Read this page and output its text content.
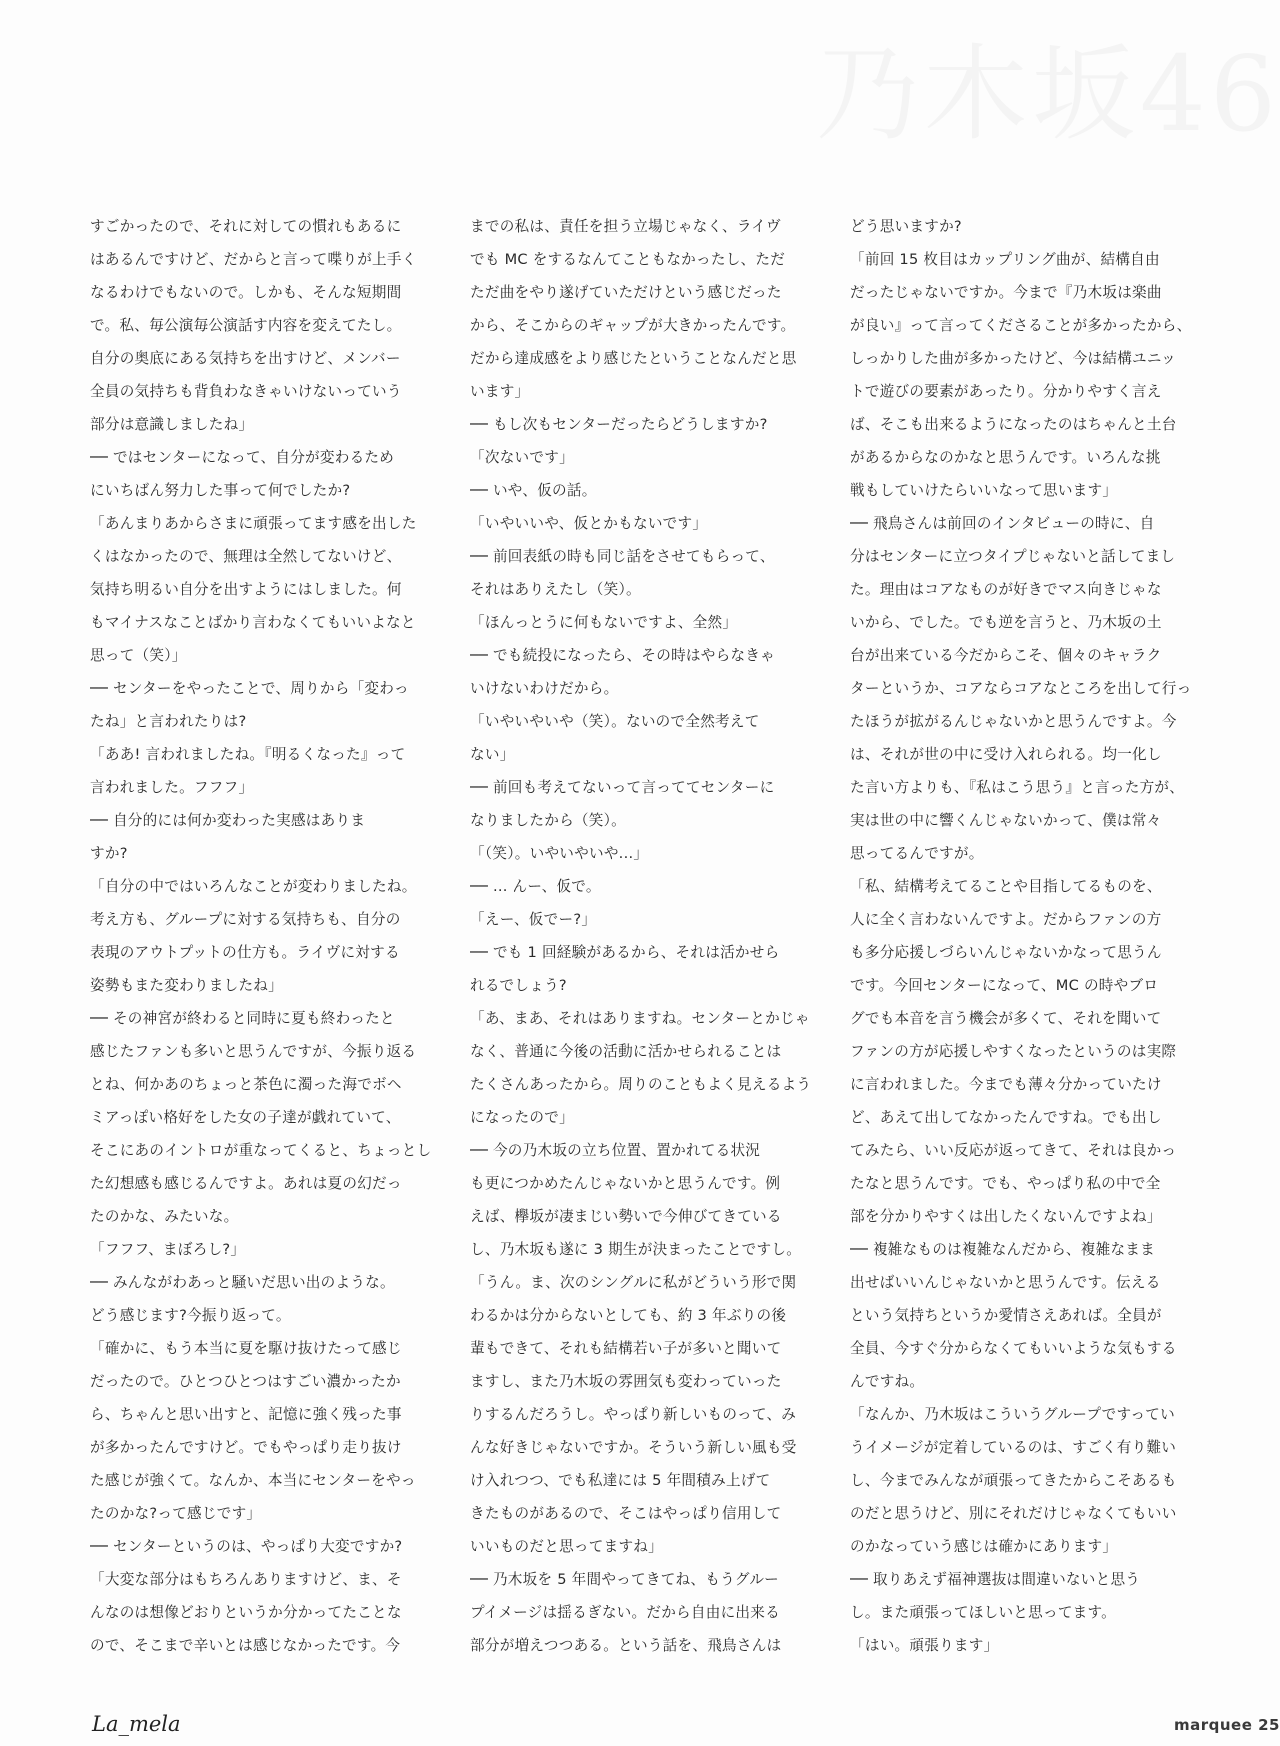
乃木坂46

すごかったので、それに対しての慣れもあるに

はあるんですけど、だからと言って喋りが上手く

なるわけでもないので。しかも、そんな短期間

で。私、毎公演毎公演話す内容を変えてたし。

自分の奥底にある気持ちを出すけど、メンバー

全員の気持ちも背負わなきゃいけないっていう

部分は意識しましたね」

── ではセンターになって、自分が変わるため

にいちばん努力した事って何でしたか?

「あんまりあからさまに頑張ってます感を出した

くはなかったので、無理は全然してないけど、

気持ち明るい自分を出すようにはしました。何

もマイナスなことばかり言わなくてもいいよなと

思って（笑）」

── センターをやったことで、周りから「変わっ

たね」と言われたりは?

「ああ! 言われましたね。『明るくなった』って

言われました。フフフ」

── 自分的には何か変わった実感はありま

すか?

「自分の中ではいろんなことが変わりましたね。

考え方も、グループに対する気持ちも、自分の

表現のアウトプットの仕方も。ライヴに対する

姿勢もまた変わりましたね」

── その神宮が終わると同時に夏も終わったと

感じたファンも多いと思うんですが、今振り返る

とね、何かあのちょっと茶色に濁った海でボヘ

ミアっぽい格好をした女の子達が戯れていて、

そこにあのイントロが重なってくると、ちょっとし

た幻想感も感じるんですよ。あれは夏の幻だっ

たのかな、みたいな。

「フフフ、まぼろし?」

── みんながわあっと騒いだ思い出のような。

どう感じます?今振り返って。

「確かに、もう本当に夏を駆け抜けたって感じ

だったので。ひとつひとつはすごい濃かったか

ら、ちゃんと思い出すと、記憶に強く残った事

が多かったんですけど。でもやっぱり走り抜け

た感じが強くて。なんか、本当にセンターをやっ

たのかな?って感じです」

── センターというのは、やっぱり大変ですか?

「大変な部分はもちろんありますけど、ま、そ

んなのは想像どおりというか分かってたことな

ので、そこまで辛いとは感じなかったです。今

までの私は、責任を担う立場じゃなく、ライヴ

でも MC をするなんてこともなかったし、ただ

ただ曲をやり遂げていただけという感じだった

から、そこからのギャップが大きかったんです。

だから達成感をより感じたということなんだと思

います」

── もし次もセンターだったらどうしますか?

「次ないです」

── いや、仮の話。

「いやいいや、仮とかもないです」

── 前回表紙の時も同じ話をさせてもらって、

それはありえたし（笑）。

「ほんっとうに何もないですよ、全然」

── でも続投になったら、その時はやらなきゃ

いけないわけだから。

「いやいやいや（笑）。ないので全然考えて

ない」

── 前回も考えてないって言っててセンターに

なりましたから（笑）。

「（笑）。いやいやいや...」

── ... んー、仮で。

「えー、仮でー?」

── でも 1 回経験があるから、それは活かせら

れるでしょう?

「あ、まあ、それはありますね。センターとかじゃ

なく、普通に今後の活動に活かせられることは

たくさんあったから。周りのこともよく見えるよう

になったので」

── 今の乃木坂の立ち位置、置かれてる状況

も更につかめたんじゃないかと思うんです。例

えば、欅坂が凄まじい勢いで今伸びてきている

し、乃木坂も遂に 3 期生が決まったことですし。

「うん。ま、次のシングルに私がどういう形で関

わるかは分からないとしても、約 3 年ぶりの後

輩もできて、それも結構若い子が多いと聞いて

ますし、また乃木坂の雰囲気も変わっていった

りするんだろうし。やっぱり新しいものって、み

んな好きじゃないですか。そういう新しい風も受

け入れつつ、でも私達には 5 年間積み上げて

きたものがあるので、そこはやっぱり信用して

いいものだと思ってますね」

── 乃木坂を 5 年間やってきてね、もうグルー

プイメージは揺るぎない。だから自由に出来る

部分が増えつつある。という話を、飛鳥さんは

どう思いますか?

「前回 15 枚目はカップリング曲が、結構自由

だったじゃないですか。今まで『乃木坂は楽曲

が良い』って言ってくださることが多かったから、

しっかりした曲が多かったけど、今は結構ユニッ

トで遊びの要素があったり。分かりやすく言え

ば、そこも出来るようになったのはちゃんと土台

があるからなのかなと思うんです。いろんな挑

戦もしていけたらいいなって思います」

── 飛鳥さんは前回のインタビューの時に、自

分はセンターに立つタイプじゃないと話してまし

た。理由はコアなものが好きでマス向きじゃな

いから、でした。でも逆を言うと、乃木坂の土

台が出来ている今だからこそ、個々のキャラク

ターというか、コアならコアなところを出して行っ

たほうが拡がるんじゃないかと思うんですよ。今

は、それが世の中に受け入れられる。均一化し

た言い方よりも、『私はこう思う』と言った方が、

実は世の中に響くんじゃないかって、僕は常々

思ってるんですが。

「私、結構考えてることや目指してるものを、

人に全く言わないんですよ。だからファンの方

も多分応援しづらいんじゃないかなって思うん

です。今回センターになって、MC の時やブロ

グでも本音を言う機会が多くて、それを聞いて

ファンの方が応援しやすくなったというのは実際

に言われました。今までも薄々分かっていたけ

ど、あえて出してなかったんですね。でも出し

てみたら、いい反応が返ってきて、それは良かっ

たなと思うんです。でも、やっぱり私の中で全

部を分かりやすくは出したくないんですよね」

── 複雑なものは複雑なんだから、複雑なまま

出せばいいんじゃないかと思うんです。伝える

という気持ちというか愛情さえあれば。全員が

全員、今すぐ分からなくてもいいような気もする

んですね。

「なんか、乃木坂はこういうグループですってい

うイメージが定着しているのは、すごく有り難い

し、今までみんなが頑張ってきたからこそあるも

のだと思うけど、別にそれだけじゃなくてもいい

のかなっていう感じは確かにあります」

── 取りあえず福神選抜は間違いないと思う

し。また頑張ってほしいと思ってます。

「はい。頑張ります」

La_mela	marquee 25
